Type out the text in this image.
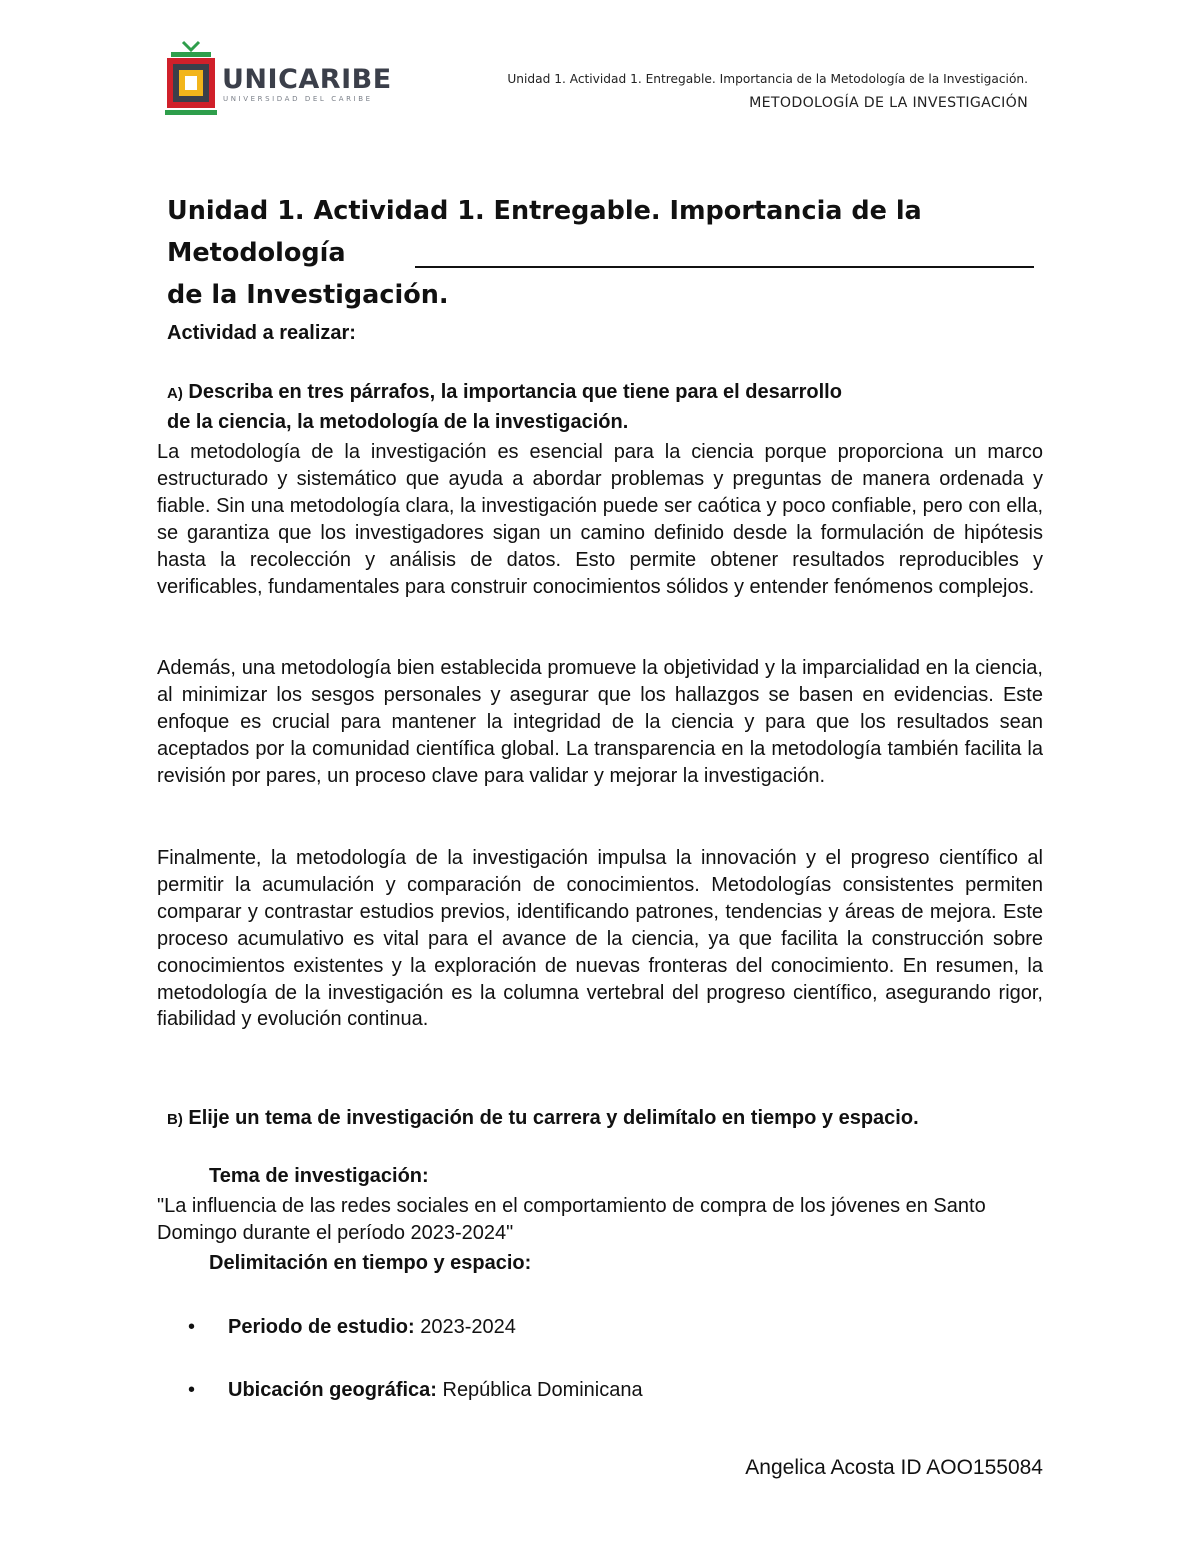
UNICARIBE
UNIVERSIDAD DEL CARIBE
Unidad 1. Actividad 1. Entregable. Importancia de la Metodología de la Investigación.
METODOLOGÍA DE LA INVESTIGACIÓN
Unidad 1. Actividad 1. Entregable. Importancia de la Metodología
de la Investigación.
Actividad a realizar:
A) Describa en tres párrafos, la importancia que tiene para el desarrollo
de la ciencia, la metodología de la investigación.
La metodología de la investigación es esencial para la ciencia porque proporciona un marco estructurado y sistemático que ayuda a abordar problemas y preguntas de manera ordenada y fiable. Sin una metodología clara, la investigación puede ser caótica y poco confiable, pero con ella, se garantiza que los investigadores sigan un camino definido desde la formulación de hipótesis hasta la recolección y análisis de datos. Esto permite obtener resultados reproducibles y verificables, fundamentales para construir conocimientos sólidos y entender fenómenos complejos.
Además, una metodología bien establecida promueve la objetividad y la imparcialidad en la ciencia, al minimizar los sesgos personales y asegurar que los hallazgos se basen en evidencias. Este enfoque es crucial para mantener la integridad de la ciencia y para que los resultados sean aceptados por la comunidad científica global. La transparencia en la metodología también facilita la revisión por pares, un proceso clave para validar y mejorar la investigación.
Finalmente, la metodología de la investigación impulsa la innovación y el progreso científico al permitir la acumulación y comparación de conocimientos. Metodologías consistentes permiten comparar y contrastar estudios previos, identificando patrones, tendencias y áreas de mejora. Este proceso acumulativo es vital para el avance de la ciencia, ya que facilita la construcción sobre conocimientos existentes y la exploración de nuevas fronteras del conocimiento. En resumen, la metodología de la investigación es la columna vertebral del progreso científico, asegurando rigor, fiabilidad y evolución continua.
B) Elije un tema de investigación de tu carrera y delimítalo en tiempo y espacio.
Tema de investigación:
"La influencia de las redes sociales en el comportamiento de compra de los jóvenes en Santo Domingo durante el período 2023-2024"
Delimitación en tiempo y espacio:
• Periodo de estudio: 2023-2024
• Ubicación geográfica: República Dominicana
Angelica Acosta ID AOO155084
